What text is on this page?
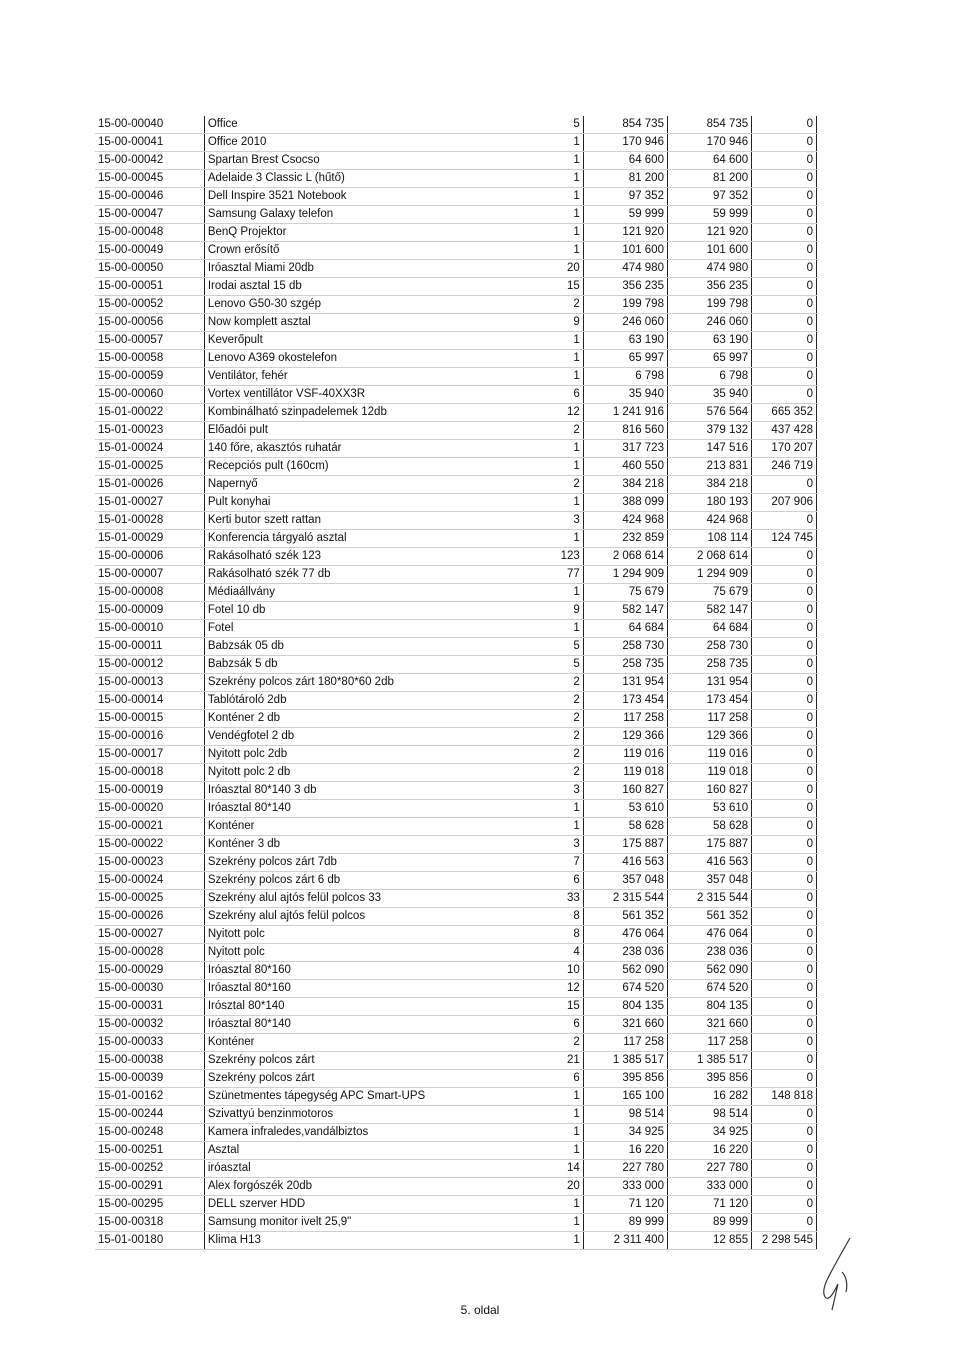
15-00-00040	Office	5	854 735	854 735	0
15-00-00041	Office 2010	1	170 946	170 946	0
15-00-00042	Spartan Brest Csocso	1	64 600	64 600	0
15-00-00045	Adelaide 3 Classic L (hűtő)	1	81 200	81 200	0
15-00-00046	Dell Inspire 3521 Notebook	1	97 352	97 352	0
15-00-00047	Samsung Galaxy telefon	1	59 999	59 999	0
15-00-00048	BenQ Projektor	1	121 920	121 920	0
15-00-00049	Crown erősítő	1	101 600	101 600	0
15-00-00050	Iróasztal Miami 20db	20	474 980	474 980	0
15-00-00051	Irodai asztal 15 db	15	356 235	356 235	0
15-00-00052	Lenovo G50-30 szgép	2	199 798	199 798	0
15-00-00056	Now komplett asztal	9	246 060	246 060	0
15-00-00057	Keverőpult	1	63 190	63 190	0
15-00-00058	Lenovo A369 okostelefon	1	65 997	65 997	0
15-00-00059	Ventilátor, fehér	1	6 798	6 798	0
15-00-00060	Vortex ventillátor VSF-40XX3R	6	35 940	35 940	0
15-01-00022	Kombinálható szinpadelemek 12db	12	1 241 916	576 564	665 352
15-01-00023	Előadói pult	2	816 560	379 132	437 428
15-01-00024	140 főre, akasztós ruhatár	1	317 723	147 516	170 207
15-01-00025	Recepciós pult (160cm)	1	460 550	213 831	246 719
15-01-00026	Napernyő	2	384 218	384 218	0
15-01-00027	Pult konyhai	1	388 099	180 193	207 906
15-01-00028	Kerti butor szett rattan	3	424 968	424 968	0
15-01-00029	Konferencia tárgyaló asztal	1	232 859	108 114	124 745
15-00-00006	Rakásolható szék 123	123	2 068 614	2 068 614	0
15-00-00007	Rakásolható szék 77 db	77	1 294 909	1 294 909	0
15-00-00008	Médiaállvány	1	75 679	75 679	0
15-00-00009	Fotel 10 db	9	582 147	582 147	0
15-00-00010	Fotel	1	64 684	64 684	0
15-00-00011	Babzsák 05 db	5	258 730	258 730	0
15-00-00012	Babzsák 5 db	5	258 735	258 735	0
15-00-00013	Szekrény polcos zárt 180*80*60 2db	2	131 954	131 954	0
15-00-00014	Tablótároló 2db	2	173 454	173 454	0
15-00-00015	Konténer 2 db	2	117 258	117 258	0
15-00-00016	Vendégfotel 2 db	2	129 366	129 366	0
15-00-00017	Nyitott polc 2db	2	119 016	119 016	0
15-00-00018	Nyitott polc 2 db	2	119 018	119 018	0
15-00-00019	Iróasztal 80*140 3 db	3	160 827	160 827	0
15-00-00020	Iróasztal 80*140	1	53 610	53 610	0
15-00-00021	Konténer	1	58 628	58 628	0
15-00-00022	Konténer 3 db	3	175 887	175 887	0
15-00-00023	Szekrény polcos zárt 7db	7	416 563	416 563	0
15-00-00024	Szekrény polcos zárt 6 db	6	357 048	357 048	0
15-00-00025	Szekrény alul ajtós felül polcos 33	33	2 315 544	2 315 544	0
15-00-00026	Szekrény alul ajtós felül polcos	8	561 352	561 352	0
15-00-00027	Nyitott polc	8	476 064	476 064	0
15-00-00028	Nyitott polc	4	238 036	238 036	0
15-00-00029	Iróasztal 80*160	10	562 090	562 090	0
15-00-00030	Iróasztal 80*160	12	674 520	674 520	0
15-00-00031	Irósztal 80*140	15	804 135	804 135	0
15-00-00032	Iróasztal 80*140	6	321 660	321 660	0
15-00-00033	Konténer	2	117 258	117 258	0
15-00-00038	Szekrény polcos zárt	21	1 385 517	1 385 517	0
15-00-00039	Szekrény polcos zárt	6	395 856	395 856	0
15-01-00162	Szünetmentes tápegység APC Smart-UPS	1	165 100	16 282	148 818
15-00-00244	Szivattyú benzinmotoros	1	98 514	98 514	0
15-00-00248	Kamera infraledes,vandálbiztos	1	34 925	34 925	0
15-00-00251	Asztal	1	16 220	16 220	0
15-00-00252	iróasztal	14	227 780	227 780	0
15-00-00291	Alex forgószék 20db	20	333 000	333 000	0
15-00-00295	DELL szerver HDD	1	71 120	71 120	0
15-00-00318	Samsung monitor ivelt 25,9"	1	89 999	89 999	0
15-01-00180	Klima H13	1	2 311 400	12 855	2 298 545
5. oldal
